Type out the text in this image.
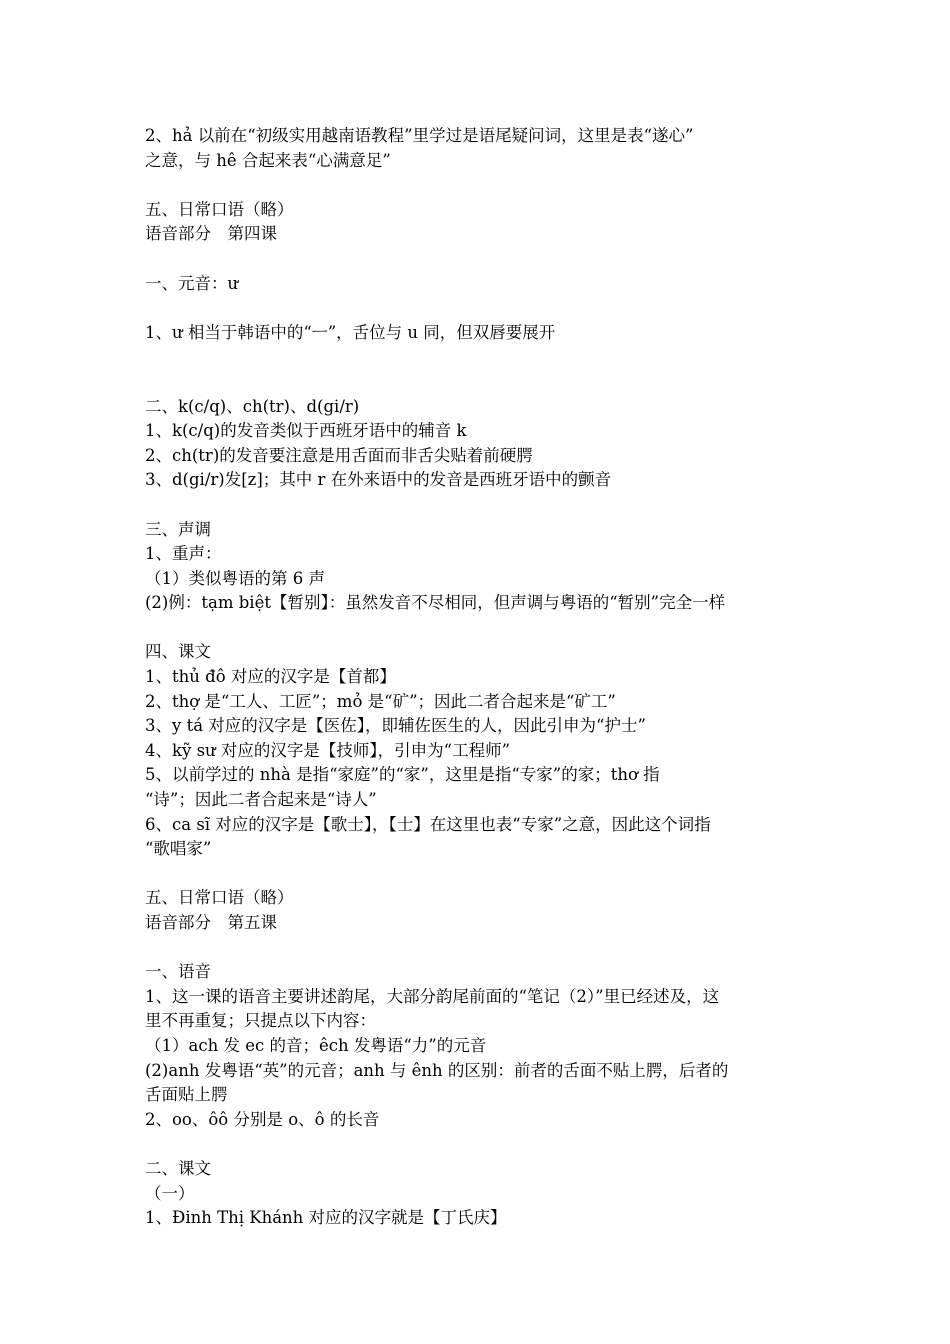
2、hả 以前在“初级实用越南语教程”里学过是语尾疑问词，这里是表“遂心”
之意，与 hê 合起来表“心满意足”
五、日常口语（略）
语音部分　第四课
一、元音：ư
1、ư 相当于韩语中的“ㅡ”，舌位与 u 同，但双唇要展开
二、k(c/q)、ch(tr)、d(gi/r)
1、k(c/q)的发音类似于西班牙语中的辅音 k
2、ch(tr)的发音要注意是用舌面而非舌尖贴着前硬腭
3、d(gi/r)发[z]；其中 r 在外来语中的发音是西班牙语中的颤音
三、声调
1、重声：
（1）类似粤语的第 6 声
(2)例：tạm biệt【暂别】：虽然发音不尽相同，但声调与粤语的“暂别”完全一样
四、课文
1、thủ đô 对应的汉字是【首都】
2、thợ 是“工人、工匠”；mỏ 是“矿”；因此二者合起来是“矿工”
3、y tá 对应的汉字是【医佐】，即辅佐医生的人，因此引申为“护士”
4、kỹ sư 对应的汉字是【技师】，引申为“工程师”
5、以前学过的 nhà 是指“家庭”的“家”，这里是指“专家”的家；thơ 指
“诗”；因此二者合起来是“诗人”
6、ca sĩ 对应的汉字是【歌士】，【士】在这里也表“专家”之意，因此这个词指
“歌唱家”
五、日常口语（略）
语音部分　第五课
一、语音
1、这一课的语音主要讲述韵尾，大部分韵尾前面的“笔记（2）”里已经述及，这
里不再重复；只提点以下内容：
（1）ach 发 ec 的音；êch 发粤语“力”的元音
(2)anh 发粤语“英”的元音；anh 与 ênh 的区别：前者的舌面不贴上腭，后者的
舌面贴上腭
2、oo、ôô 分别是 o、ô 的长音
二、课文
（一）
1、Đinh Thị Khánh 对应的汉字就是【丁氏庆】
